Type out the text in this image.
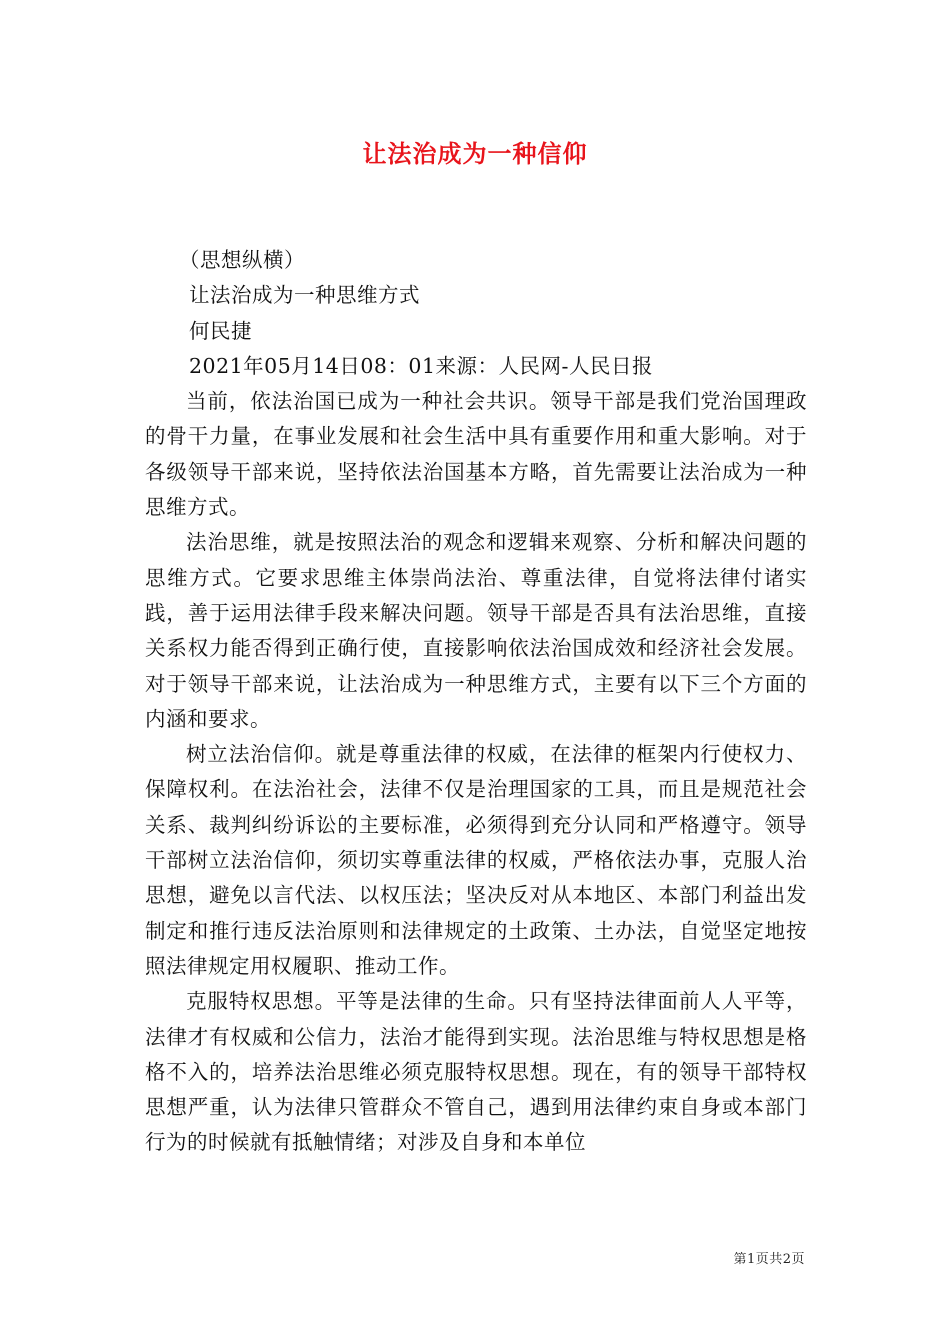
让法治成为一种信仰

（思想纵横）

让法治成为一种思维方式

何民捷

2021年05月14日08：01来源：人民网-人民日报

当前，依法治国已成为一种社会共识。领导干部是我们党治国理政的骨干力量，在事业发展和社会生活中具有重要作用和重大影响。对于各级领导干部来说，坚持依法治国基本方略，首先需要让法治成为一种思维方式。

法治思维，就是按照法治的观念和逻辑来观察、分析和解决问题的思维方式。它要求思维主体崇尚法治、尊重法律，自觉将法律付诸实践，善于运用法律手段来解决问题。领导干部是否具有法治思维，直接关系权力能否得到正确行使，直接影响依法治国成效和经济社会发展。对于领导干部来说，让法治成为一种思维方式，主要有以下三个方面的内涵和要求。

树立法治信仰。就是尊重法律的权威，在法律的框架内行使权力、保障权利。在法治社会，法律不仅是治理国家的工具，而且是规范社会关系、裁判纠纷诉讼的主要标准，必须得到充分认同和严格遵守。领导干部树立法治信仰，须切实尊重法律的权威，严格依法办事，克服人治思想，避免以言代法、以权压法；坚决反对从本地区、本部门利益出发制定和推行违反法治原则和法律规定的土政策、土办法，自觉坚定地按照法律规定用权履职、推动工作。

克服特权思想。平等是法律的生命。只有坚持法律面前人人平等，法律才有权威和公信力，法治才能得到实现。法治思维与特权思想是格格不入的，培养法治思维必须克服特权思想。现在，有的领导干部特权思想严重，认为法律只管群众不管自己，遇到用法律约束自身或本部门行为的时候就有抵触情绪；对涉及自身和本单位

第1页共2页
